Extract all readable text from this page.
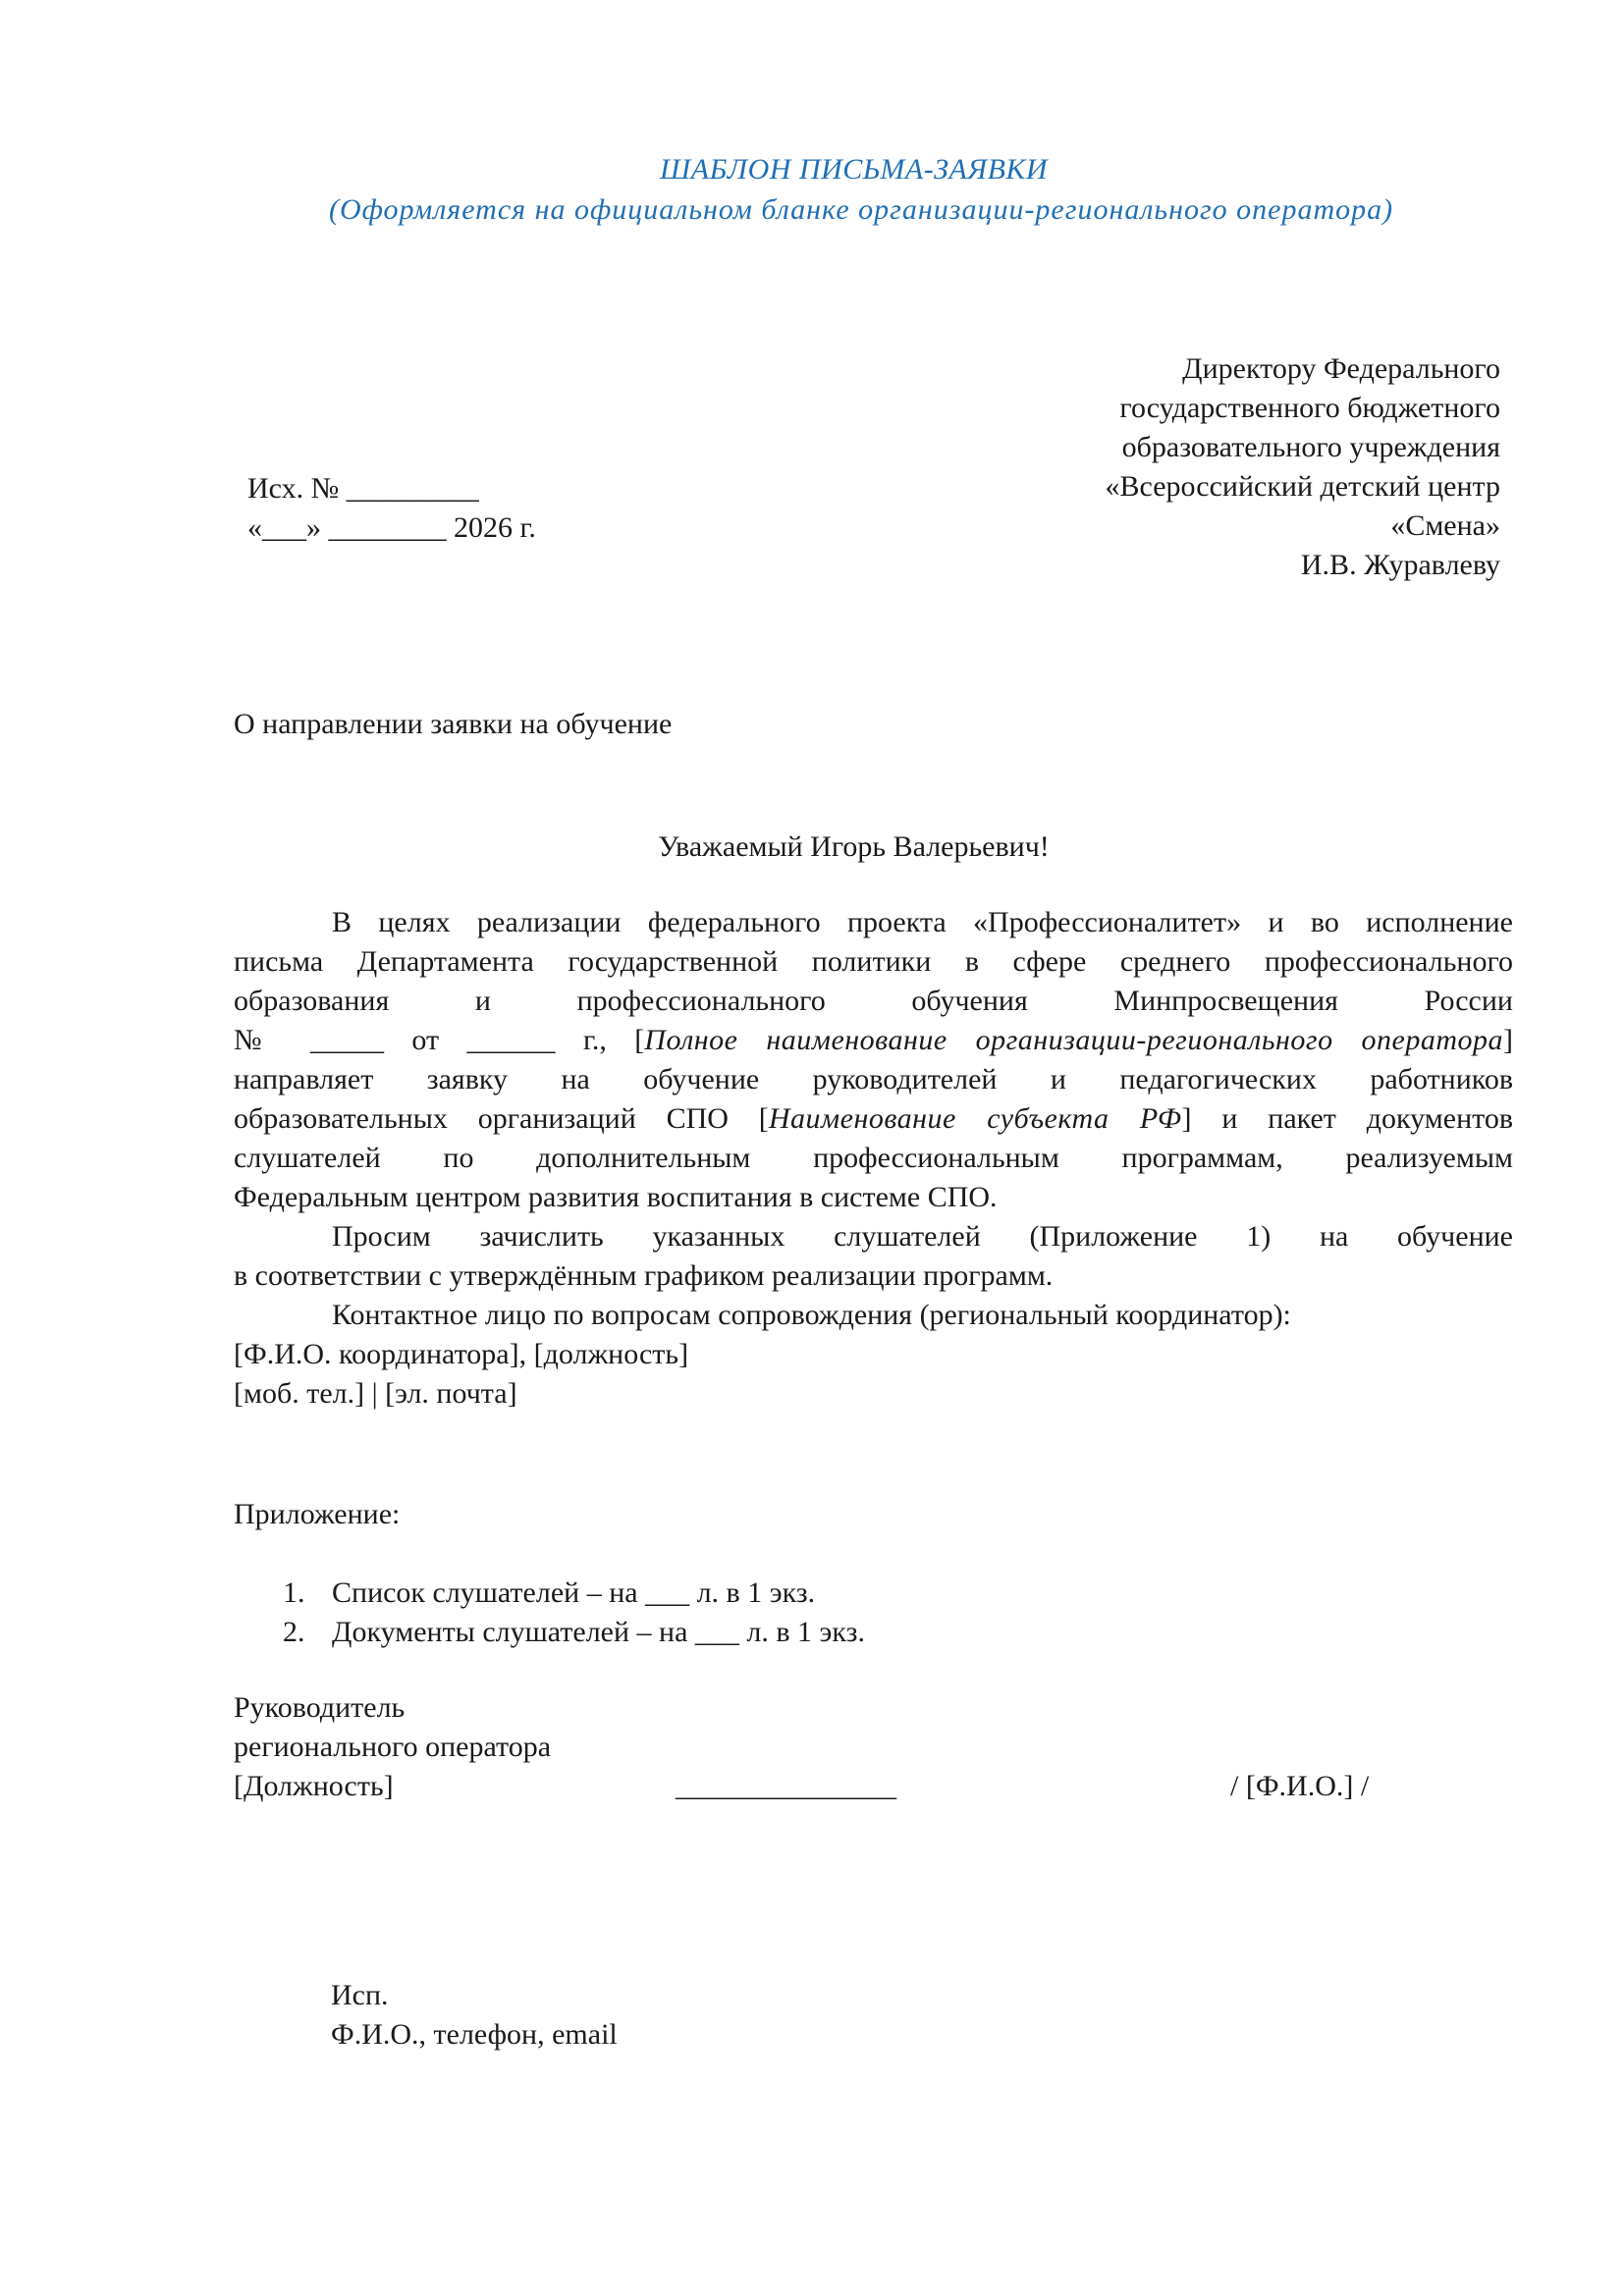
ШАБЛОН ПИСЬМА-ЗАЯВКИ
(Оформляется на официальном бланке организации-регионального оператора)
Директору Федерального
государственного бюджетного
образовательного учреждения
«Всероссийский детский центр
«Смена»
И.В. Журавлеву
Исх. № _________
«___» ________ 2026 г.
О направлении заявки на обучение
Уважаемый Игорь Валерьевич!

В целях реализации федерального проекта «Профессионалитет» и во исполнение

письма Департамента государственной политики в сфере среднего профессионального

образования и профессионального обучения Минпросвещения России

№ _____ от ______ г., [Полное наименование организации-регионального оператора]

направляет заявку на обучение руководителей и педагогических работников

образовательных организаций СПО [Наименование субъекта РФ] и пакет документов

слушателей по дополнительным профессиональным программам, реализуемым

Федеральным центром развития воспитания в системе СПО.

Просим зачислить указанных слушателей (Приложение 1) на обучение

в соответствии с утверждённым графиком реализации программ.

Контактное лицо по вопросам сопровождения (региональный координатор):

[Ф.И.О. координатора], [должность]

[моб. тел.] | [эл. почта]

Приложение:
1. Список слушателей – на ___ л. в 1 экз.
2. Документы слушателей – на ___ л. в 1 экз.
Руководитель
регионального оператора
[Должность]	_______________	/ [Ф.И.О.] /
Исп.
Ф.И.О., телефон, email
